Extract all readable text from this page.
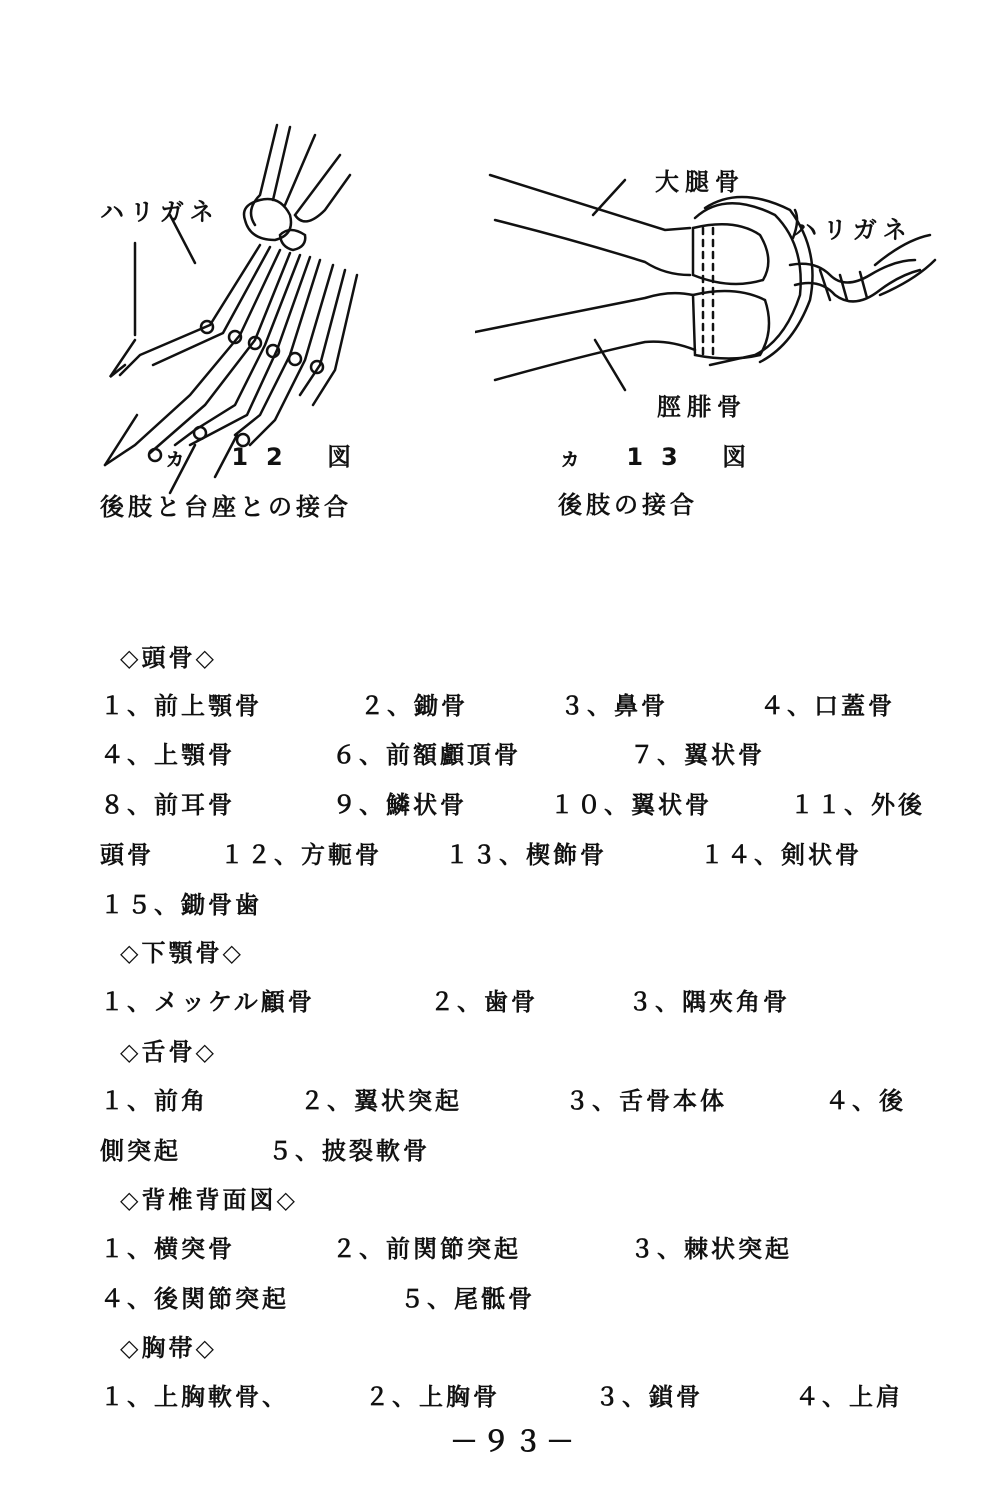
ハリガネ
ヵ 12 図
後肢と台座との接合
大腿骨
ハリガネ
脛腓骨
ヵ 13 図
後肢の接合
◇頭骨◇
１、前上顎骨	２、鋤骨	３、鼻骨	４、口蓋骨
４、上顎骨	６、前額顱頂骨	７、翼状骨
８、前耳骨	９、鱗状骨	１０、翼状骨	１１、外後
頭骨	１２、方軛骨	１３、楔飾骨	１４、剣状骨
１５、鋤骨歯
◇下顎骨◇
１、メッケル顧骨	２、歯骨	３、隅夾角骨
◇舌骨◇
１、前角	２、翼状突起	３、舌骨本体	４、後
側突起	５、披裂軟骨
◇背椎背面図◇
１、横突骨	２、前関節突起	３、棘状突起
４、後関節突起	５、尾骶骨
◇胸帯◇
１、上胸軟骨、	２、上胸骨	３、鎖骨	４、上肩
－９３－
